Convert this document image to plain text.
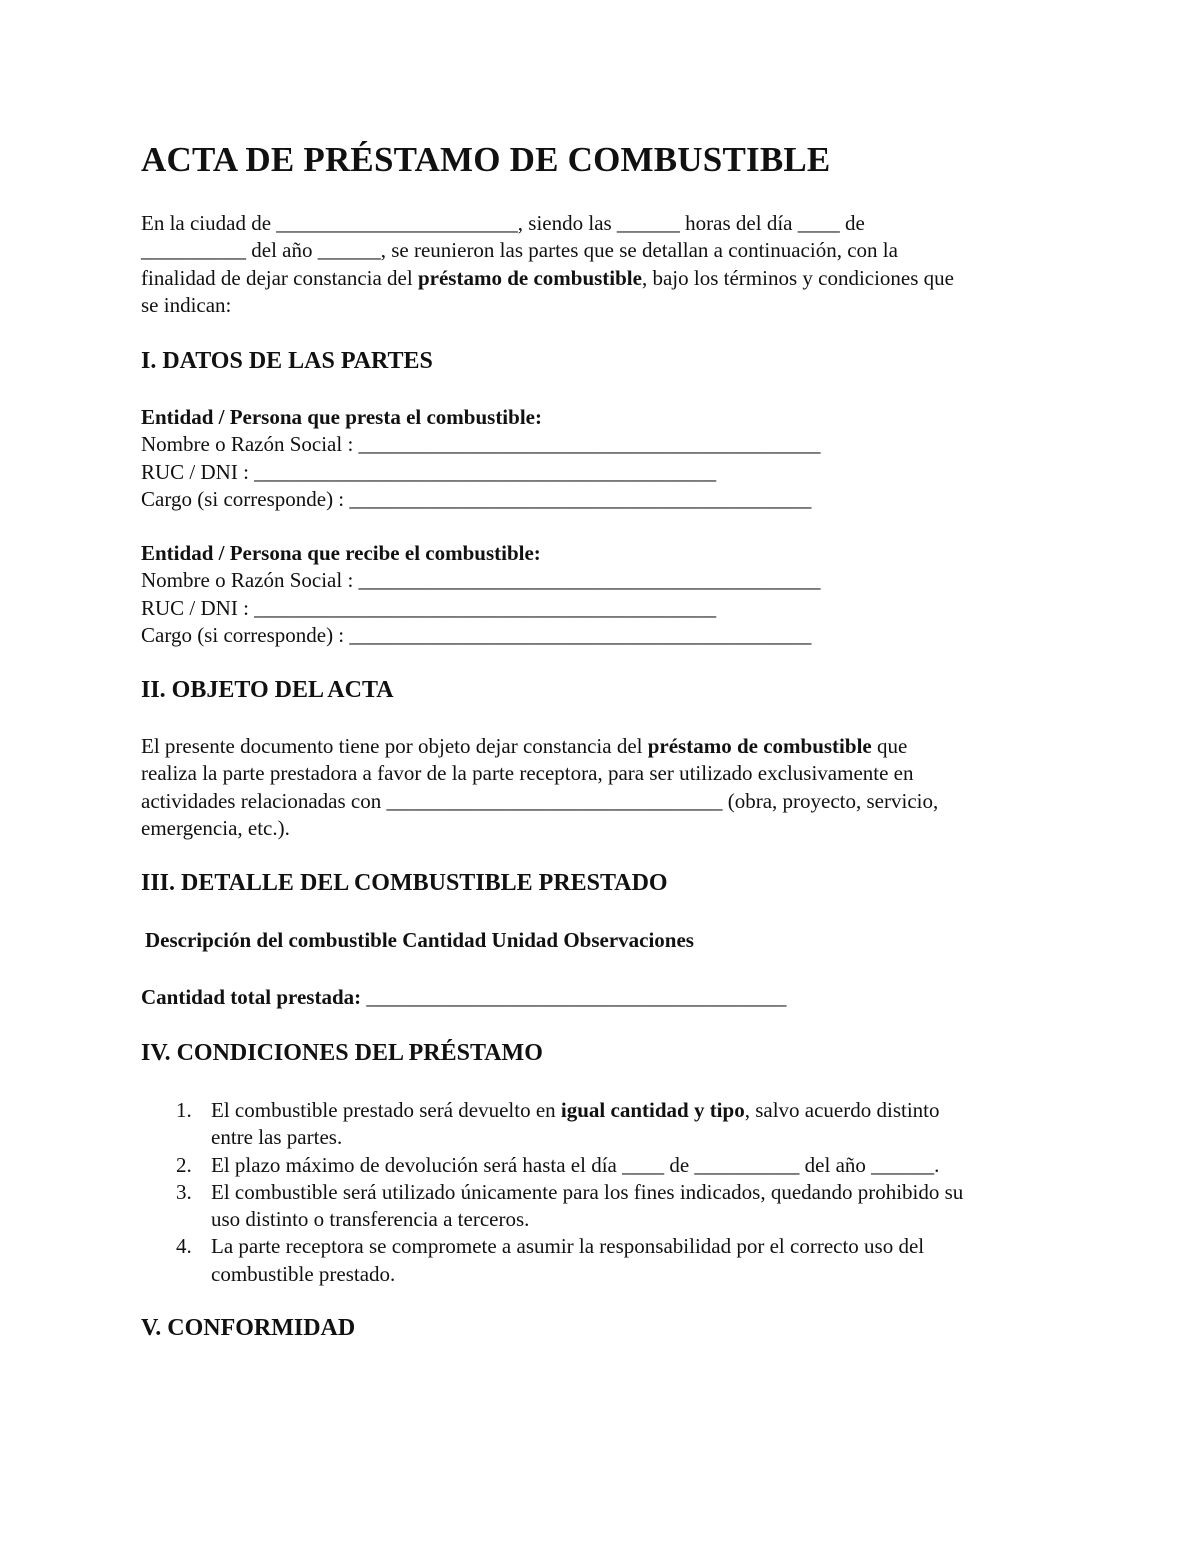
ACTA DE PRÉSTAMO DE COMBUSTIBLE

En la ciudad de _______________________, siendo las ______ horas del día ____ de
__________ del año ______, se reunieron las partes que se detallan a continuación, con la
finalidad de dejar constancia del préstamo de combustible, bajo los términos y condiciones que
se indican:

I. DATOS DE LAS PARTES
Entidad / Persona que presta el combustible:
Nombre o Razón Social : ____________________________________________
RUC / DNI : ____________________________________________
Cargo (si corresponde) : ____________________________________________
Entidad / Persona que recibe el combustible:
Nombre o Razón Social : ____________________________________________
RUC / DNI : ____________________________________________
Cargo (si corresponde) : ____________________________________________
II. OBJETO DEL ACTA

El presente documento tiene por objeto dejar constancia del préstamo de combustible que
realiza la parte prestadora a favor de la parte receptora, para ser utilizado exclusivamente en
actividades relacionadas con ________________________________ (obra, proyecto, servicio,
emergencia, etc.).

III. DETALLE DEL COMBUSTIBLE PRESTADO

Descripción del combustible Cantidad Unidad Observaciones

Cantidad total prestada: ________________________________________

IV. CONDICIONES DEL PRÉSTAMO
1. El combustible prestado será devuelto en igual cantidad y tipo, salvo acuerdo distinto
entre las partes.
2. El plazo máximo de devolución será hasta el día ____ de __________ del año ______.
3. El combustible será utilizado únicamente para los fines indicados, quedando prohibido su
uso distinto o transferencia a terceros.
4. La parte receptora se compromete a asumir la responsabilidad por el correcto uso del
combustible prestado.
V. CONFORMIDAD
